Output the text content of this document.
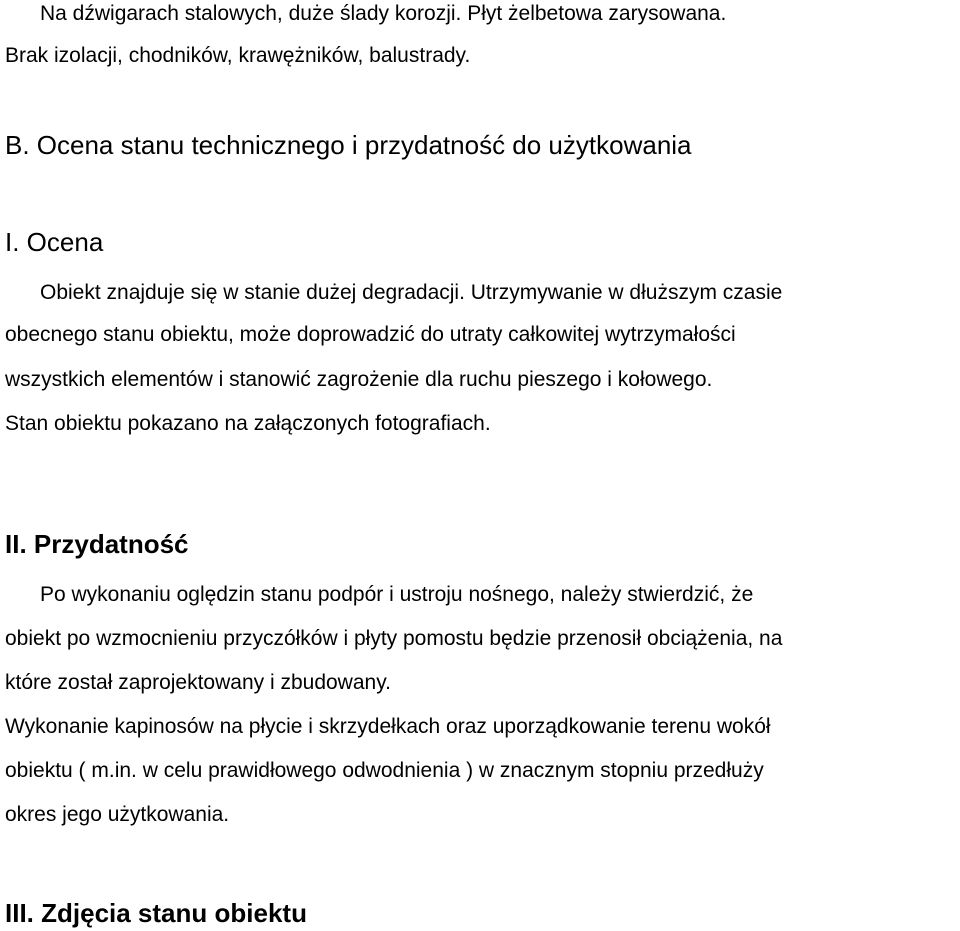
Na dźwigarach stalowych, duże ślady korozji. Płyt żelbetowa zarysowana.
Brak izolacji, chodników, krawężników, balustrady.
B. Ocena stanu technicznego i przydatność do użytkowania
I. Ocena
Obiekt znajduje się w stanie dużej degradacji. Utrzymywanie w dłuższym czasie
obecnego stanu obiektu, może doprowadzić do utraty całkowitej wytrzymałości
wszystkich elementów i stanowić zagrożenie dla ruchu pieszego i kołowego.
Stan obiektu pokazano na załączonych fotografiach.
II. Przydatność
Po wykonaniu oględzin stanu podpór i ustroju nośnego, należy stwierdzić, że
obiekt po wzmocnieniu przyczółków i płyty pomostu będzie przenosił obciążenia, na
które został zaprojektowany i zbudowany.
Wykonanie kapinosów na płycie i skrzydełkach oraz uporządkowanie terenu wokół
obiektu ( m.in. w celu prawidłowego odwodnienia ) w znacznym stopniu przedłuży
okres jego użytkowania.
III. Zdjęcia stanu obiektu
